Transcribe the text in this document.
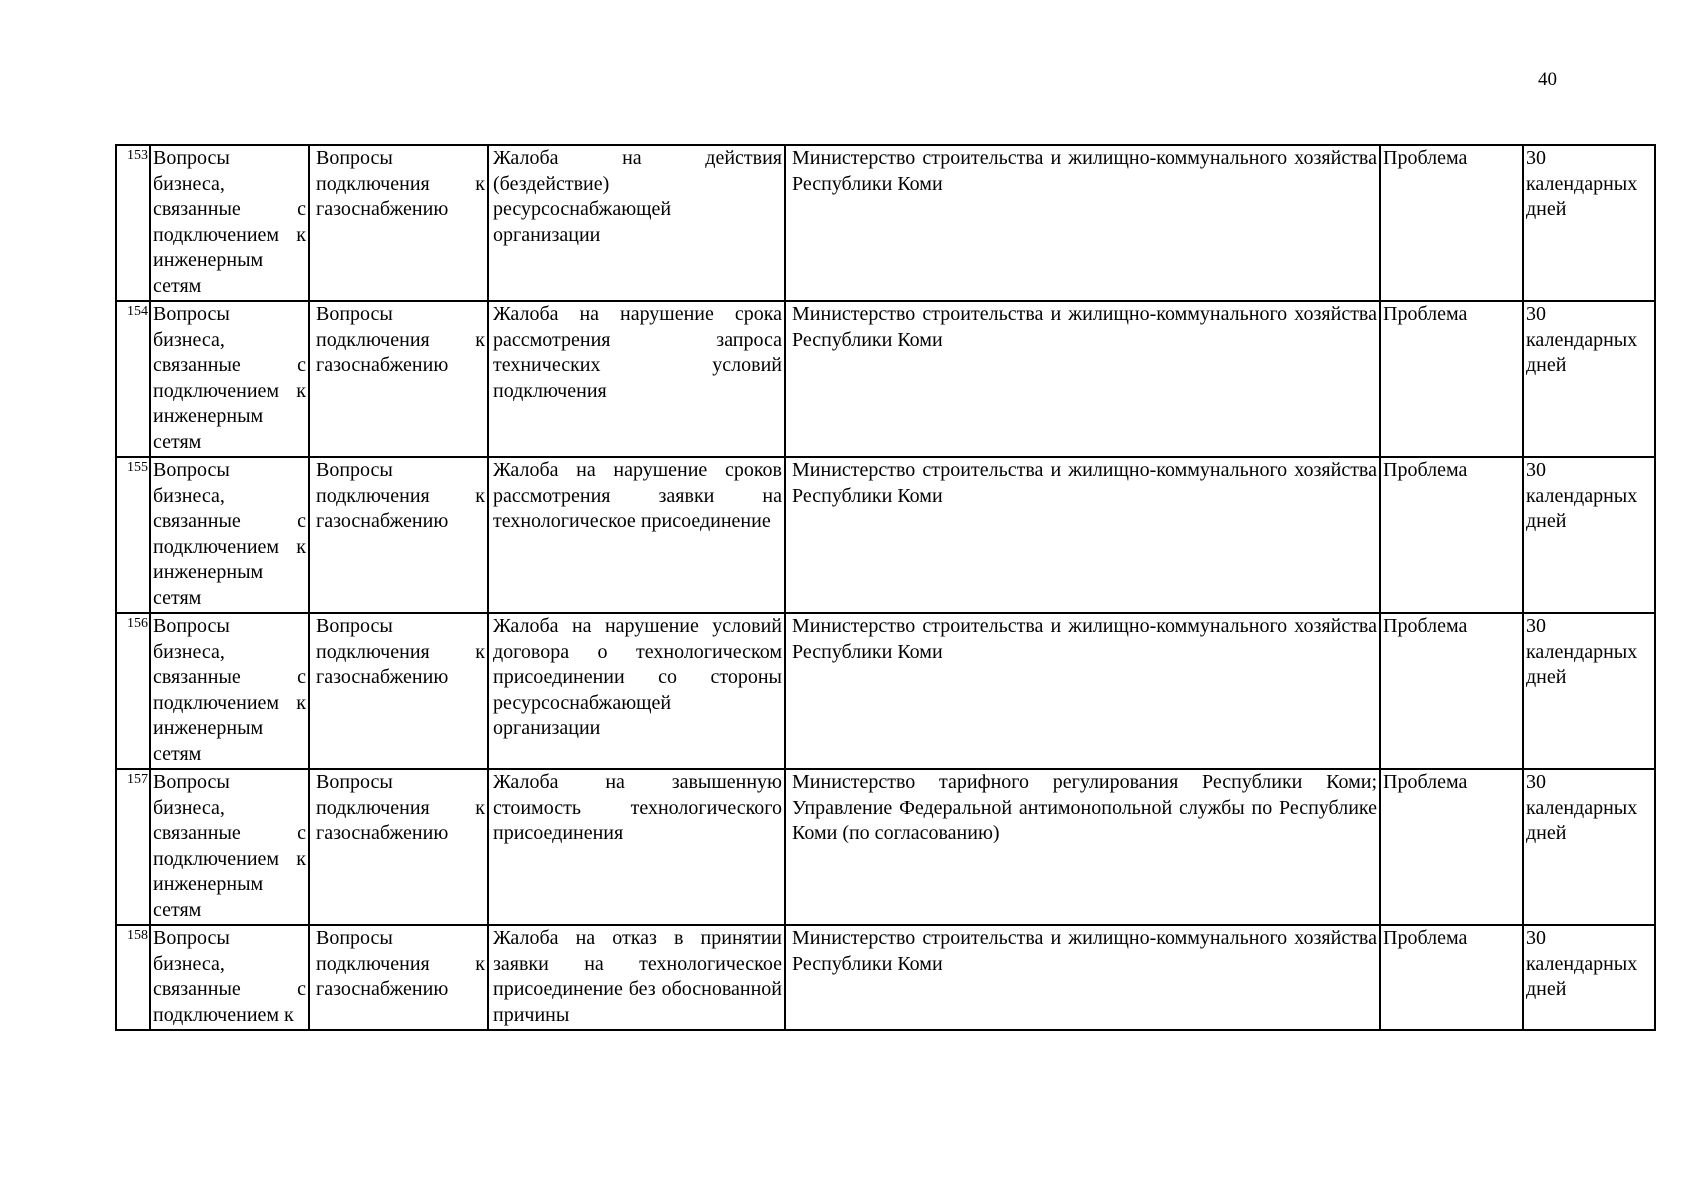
40
153	Вопросы бизнеса, связанные с подключением к инженерным сетям	Вопросы подключения к газоснабжению	Жалоба на действия (бездействие) ресурсоснабжающей организации	Министерство строительства и жилищно-коммунального хозяйства Республики Коми	Проблема	30 календарных дней
154	Вопросы бизнеса, связанные с подключением к инженерным сетям	Вопросы подключения к газоснабжению	Жалоба на нарушение срока рассмотрения запроса технических условий подключения	Министерство строительства и жилищно-коммунального хозяйства Республики Коми	Проблема	30 календарных дней
155	Вопросы бизнеса, связанные с подключением к инженерным сетям	Вопросы подключения к газоснабжению	Жалоба на нарушение сроков рассмотрения заявки на технологическое присоединение	Министерство строительства и жилищно-коммунального хозяйства Республики Коми	Проблема	30 календарных дней
156	Вопросы бизнеса, связанные с подключением к инженерным сетям	Вопросы подключения к газоснабжению	Жалоба на нарушение условий договора о технологическом присоединении со стороны ресурсоснабжающей организации	Министерство строительства и жилищно-коммунального хозяйства Республики Коми	Проблема	30 календарных дней
157	Вопросы бизнеса, связанные с подключением к инженерным сетям	Вопросы подключения к газоснабжению	Жалоба на завышенную стоимость технологического присоединения	Министерство тарифного регулирования Республики Коми; Управление Федеральной антимонопольной службы по Республике Коми (по согласованию)	Проблема	30 календарных дней
158	Вопросы бизнеса, связанные с подключением к	Вопросы подключения к газоснабжению	Жалоба на отказ в принятии заявки на технологическое присоединение без обоснованной причины	Министерство строительства и жилищно-коммунального хозяйства Республики Коми	Проблема	30 календарных дней
